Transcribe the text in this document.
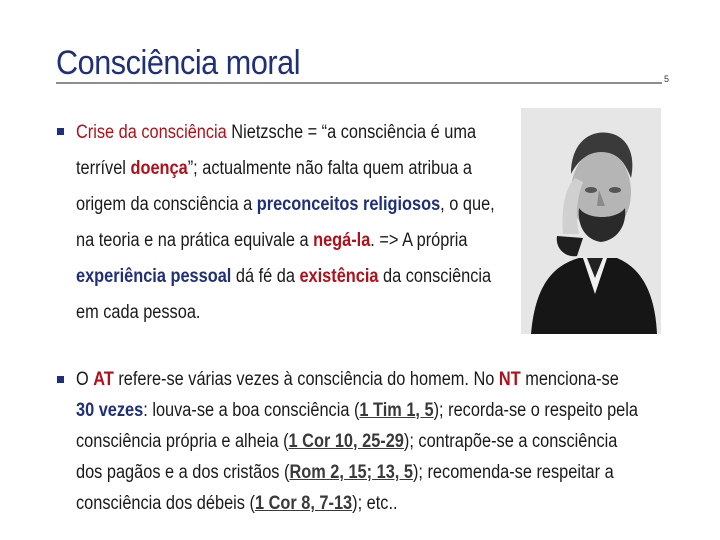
Consciência moral	5
Crise da consciência Nietzsche = “a consciência é uma
terrível doença”; actualmente não falta quem atribua a
origem da consciência a preconceitos religiosos, o que,
na teoria e na prática equivale a negá-la. => A própria
experiência pessoal dá fé da existência da consciência
em cada pessoa.
O AT refere-se várias vezes à consciência do homem. No NT menciona-se
30 vezes: louva-se a boa consciência (1 Tim 1, 5); recorda-se o respeito pela
consciência própria e alheia (1 Cor 10, 25-29); contrapõe-se a consciência
dos pagãos e a dos cristãos (Rom 2, 15; 13, 5); recomenda-se respeitar a
consciência dos débeis (1 Cor 8, 7-13); etc..
